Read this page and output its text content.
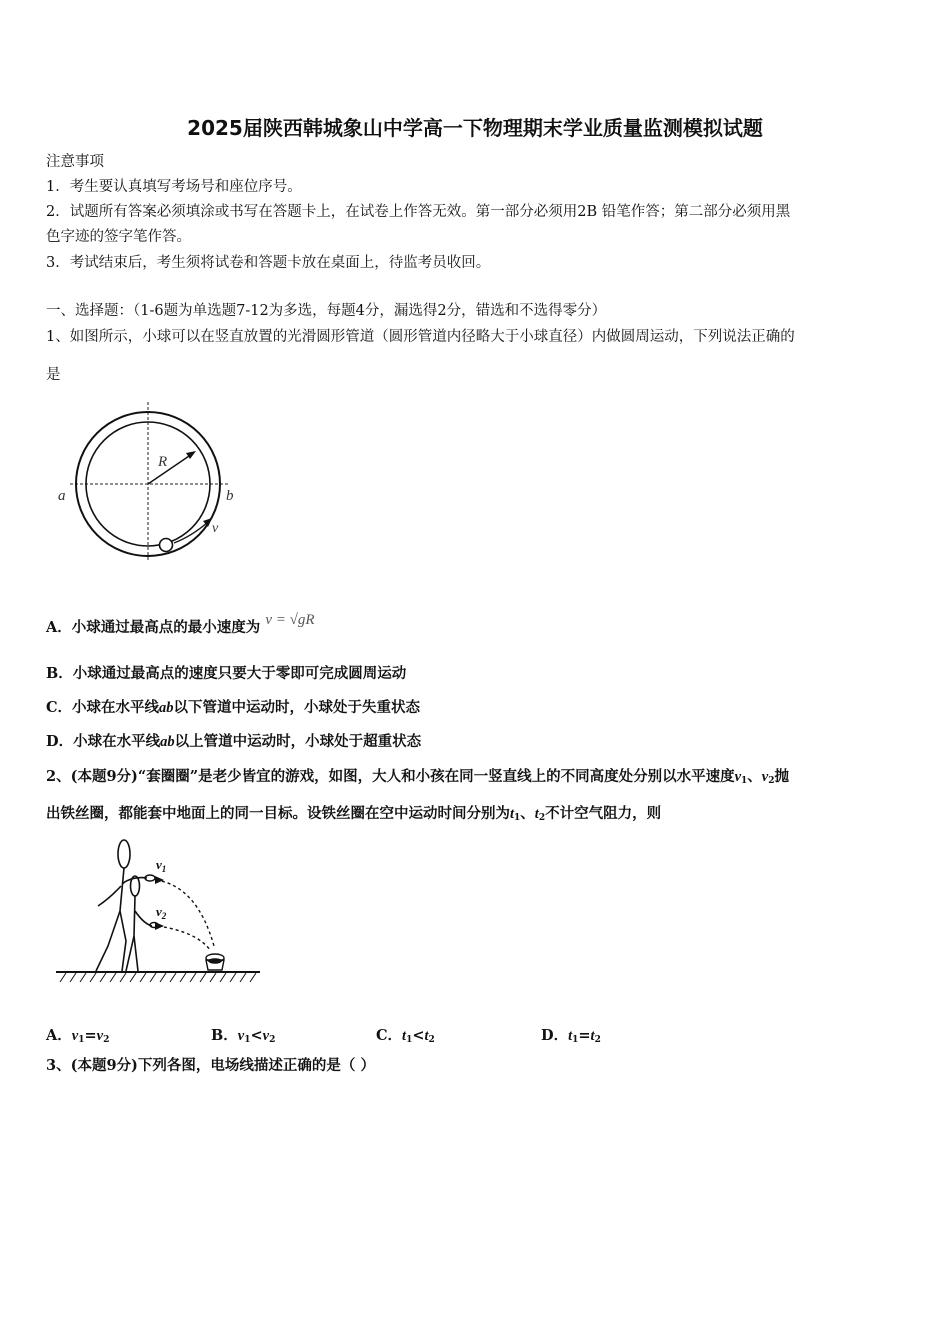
2025届陕西韩城象山中学高一下物理期末学业质量监测模拟试题
注意事项
1．考生要认真填写考场号和座位序号。
2．试题所有答案必须填涂或书写在答题卡上，在试卷上作答无效。第一部分必须用2B 铅笔作答；第二部分必须用黑
色字迹的签字笔作答。
3．考试结束后，考生须将试卷和答题卡放在桌面上，待监考员收回。
一、选择题：（1-6题为单选题7-12为多选，每题4分，漏选得2分，错选和不选得零分）
1、如图所示，小球可以在竖直放置的光滑圆形管道（圆形管道内径略大于小球直径）内做圆周运动，下列说法正确的
是
R
a	b
v
A．小球通过最高点的最小速度为 v = √gR
B．小球通过最高点的速度只要大于零即可完成圆周运动
C．小球在水平线ab以下管道中运动时，小球处于失重状态
D．小球在水平线ab以上管道中运动时，小球处于超重状态
2、(本题9分)“套圈圈”是老少皆宜的游戏，如图，大人和小孩在同一竖直线上的不同高度处分别以水平速度$v_1$、$v_2$抛
出铁丝圈，都能套中地面上的同一目标。设铁丝圈在空中运动时间分别为$t_1$、$t_2$不计空气阻力，则
$v_1$
$v_2$
A．$v_1=v_2$	B．$v_1<v_2$	C．$t_1<t_2$	D．$t_1=t_2$
3、(本题9分)下列各图，电场线描述正确的是（ ）
